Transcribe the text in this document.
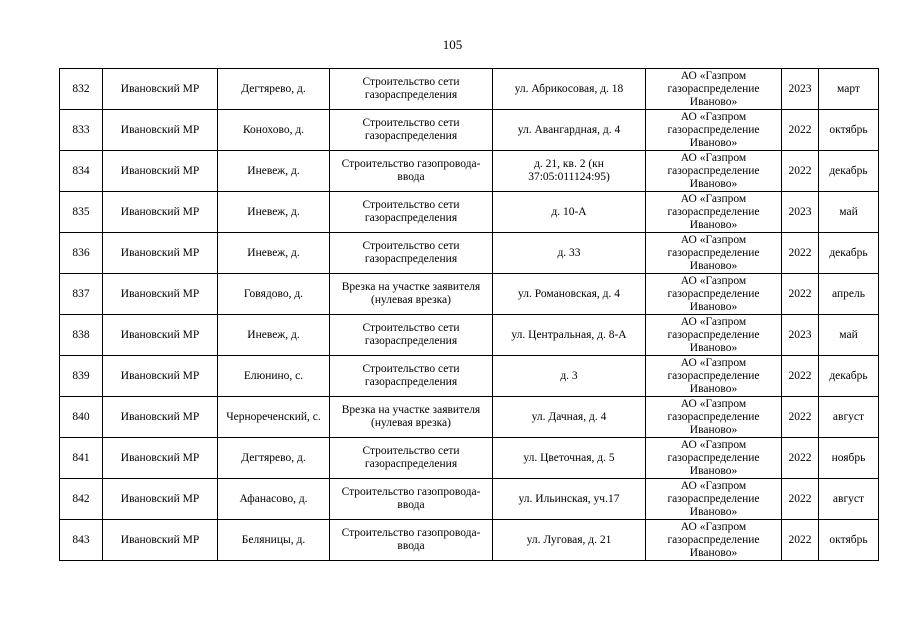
105
832	Ивановский МР	Дегтярево, д.	Строительство сети газораспределения	ул. Абрикосовая, д. 18	АО «Газпром газораспределение Иваново»	2023	март
833	Ивановский МР	Конохово, д.	Строительство сети газораспределения	ул. Авангардная, д. 4	АО «Газпром газораспределение Иваново»	2022	октябрь
834	Ивановский МР	Иневеж, д.	Строительство газопровода-ввода	д. 21, кв. 2 (кн 37:05:011124:95)	АО «Газпром газораспределение Иваново»	2022	декабрь
835	Ивановский МР	Иневеж, д.	Строительство сети газораспределения	д. 10-А	АО «Газпром газораспределение Иваново»	2023	май
836	Ивановский МР	Иневеж, д.	Строительство сети газораспределения	д. 33	АО «Газпром газораспределение Иваново»	2022	декабрь
837	Ивановский МР	Говядово, д.	Врезка на участке заявителя (нулевая врезка)	ул. Романовская, д. 4	АО «Газпром газораспределение Иваново»	2022	апрель
838	Ивановский МР	Иневеж, д.	Строительство сети газораспределения	ул. Центральная, д. 8-А	АО «Газпром газораспределение Иваново»	2023	май
839	Ивановский МР	Елюнино, с.	Строительство сети газораспределения	д. 3	АО «Газпром газораспределение Иваново»	2022	декабрь
840	Ивановский МР	Чернореченский, с.	Врезка на участке заявителя (нулевая врезка)	ул. Дачная, д. 4	АО «Газпром газораспределение Иваново»	2022	август
841	Ивановский МР	Дегтярево, д.	Строительство сети газораспределения	ул. Цветочная, д. 5	АО «Газпром газораспределение Иваново»	2022	ноябрь
842	Ивановский МР	Афанасово, д.	Строительство газопровода-ввода	ул. Ильинская, уч.17	АО «Газпром газораспределение Иваново»	2022	август
843	Ивановский МР	Беляницы, д.	Строительство газопровода-ввода	ул. Луговая, д. 21	АО «Газпром газораспределение Иваново»	2022	октябрь
